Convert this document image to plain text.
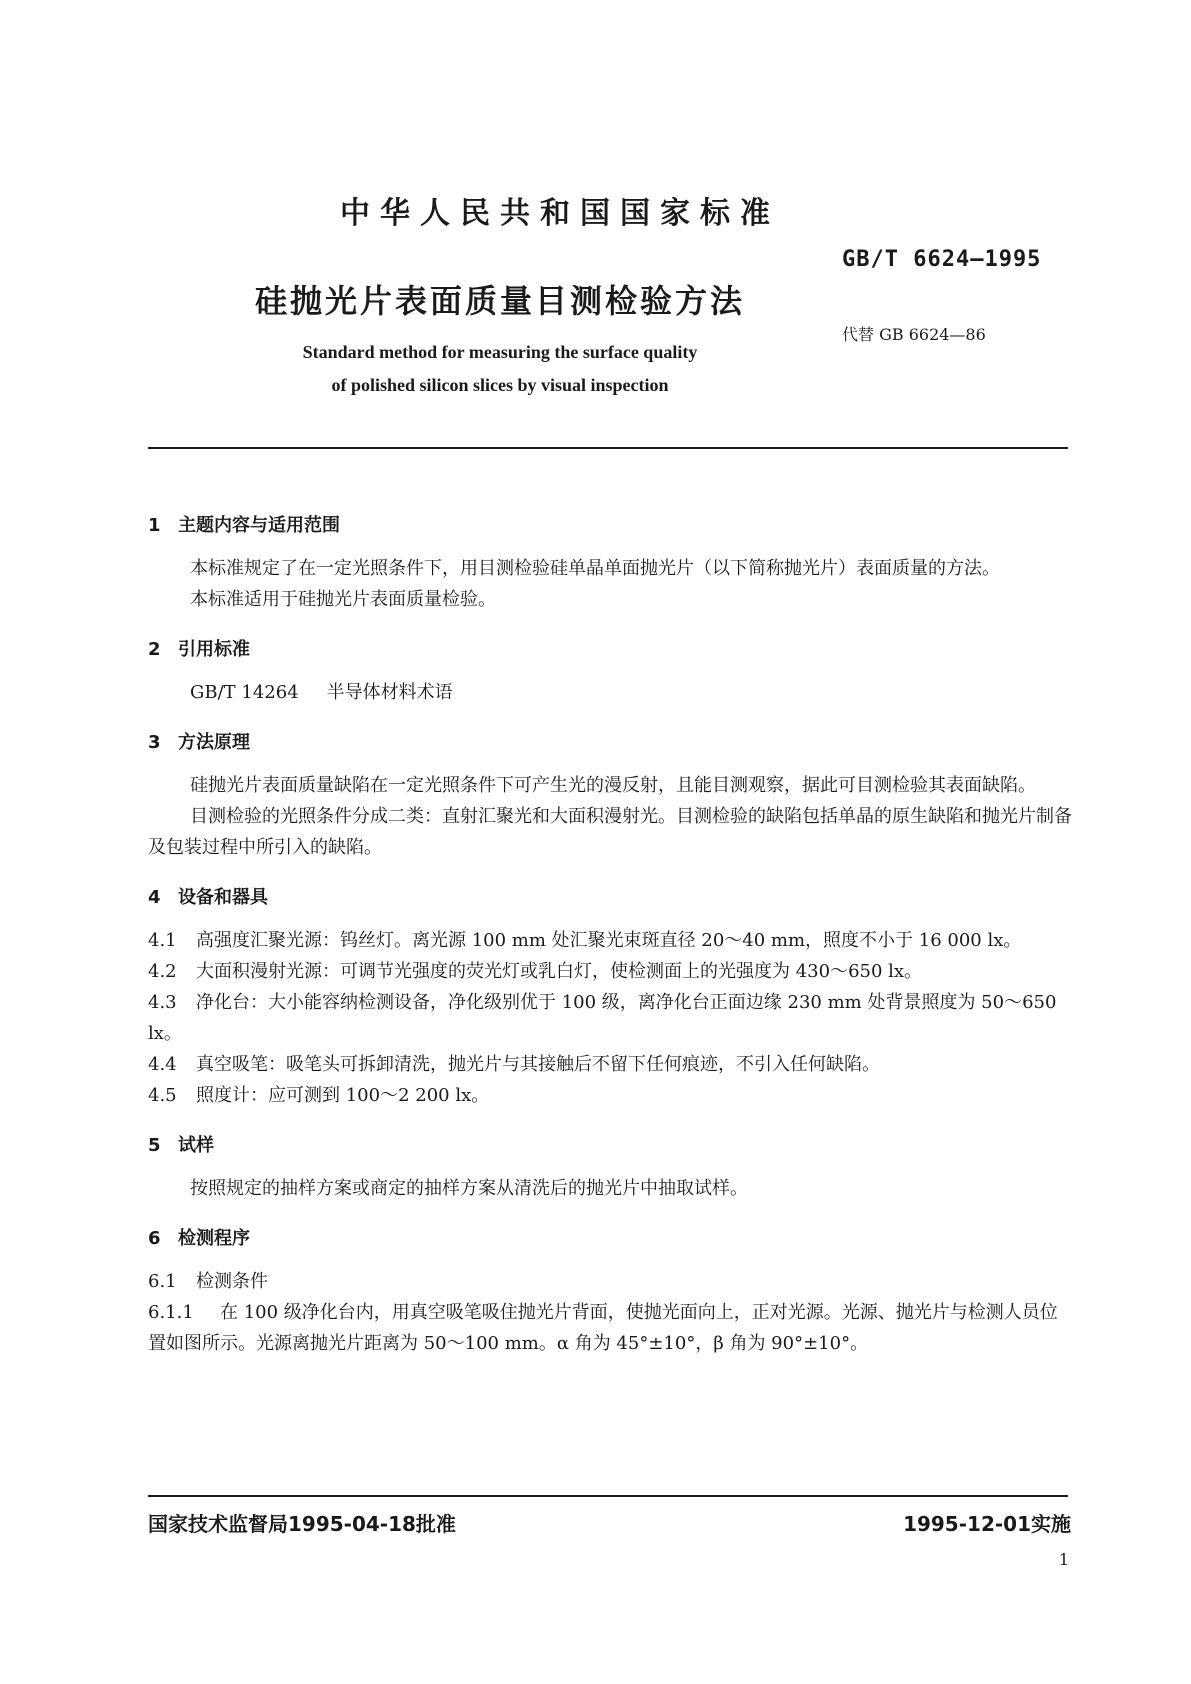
中华人民共和国国家标准
GB/T 6624—1995
硅抛光片表面质量目测检验方法
代替 GB 6624—86
Standard method for measuring the surface quality
of polished silicon slices by visual inspection

1 主题内容与适用范围

本标准规定了在一定光照条件下，用目测检验硅单晶单面抛光片（以下简称抛光片）表面质量的方法。

本标准适用于硅抛光片表面质量检验。

2 引用标准

GB/T 14264 半导体材料术语

3 方法原理

硅抛光片表面质量缺陷在一定光照条件下可产生光的漫反射，且能目测观察，据此可目测检验其表面缺陷。

目测检验的光照条件分成二类：直射汇聚光和大面积漫射光。目测检验的缺陷包括单晶的原生缺陷和抛光片制备及包装过程中所引入的缺陷。

4 设备和器具

4.1 高强度汇聚光源：钨丝灯。离光源 100 mm 处汇聚光束斑直径 20～40 mm，照度不小于 16 000 lx。

4.2 大面积漫射光源：可调节光强度的荧光灯或乳白灯，使检测面上的光强度为 430～650 lx。

4.3 净化台：大小能容纳检测设备，净化级别优于 100 级，离净化台正面边缘 230 mm 处背景照度为 50～650 lx。

4.4 真空吸笔：吸笔头可拆卸清洗，抛光片与其接触后不留下任何痕迹，不引入任何缺陷。

4.5 照度计：应可测到 100～2 200 lx。

5 试样

按照规定的抽样方案或商定的抽样方案从清洗后的抛光片中抽取试样。

6 检测程序

6.1 检测条件

6.1.1 在 100 级净化台内，用真空吸笔吸住抛光片背面，使抛光面向上，正对光源。光源、抛光片与检测人员位置如图所示。光源离抛光片距离为 50～100 mm。α 角为 45°±10°，β 角为 90°±10°。

国家技术监督局1995-04-18批准	1995-12-01实施
1
